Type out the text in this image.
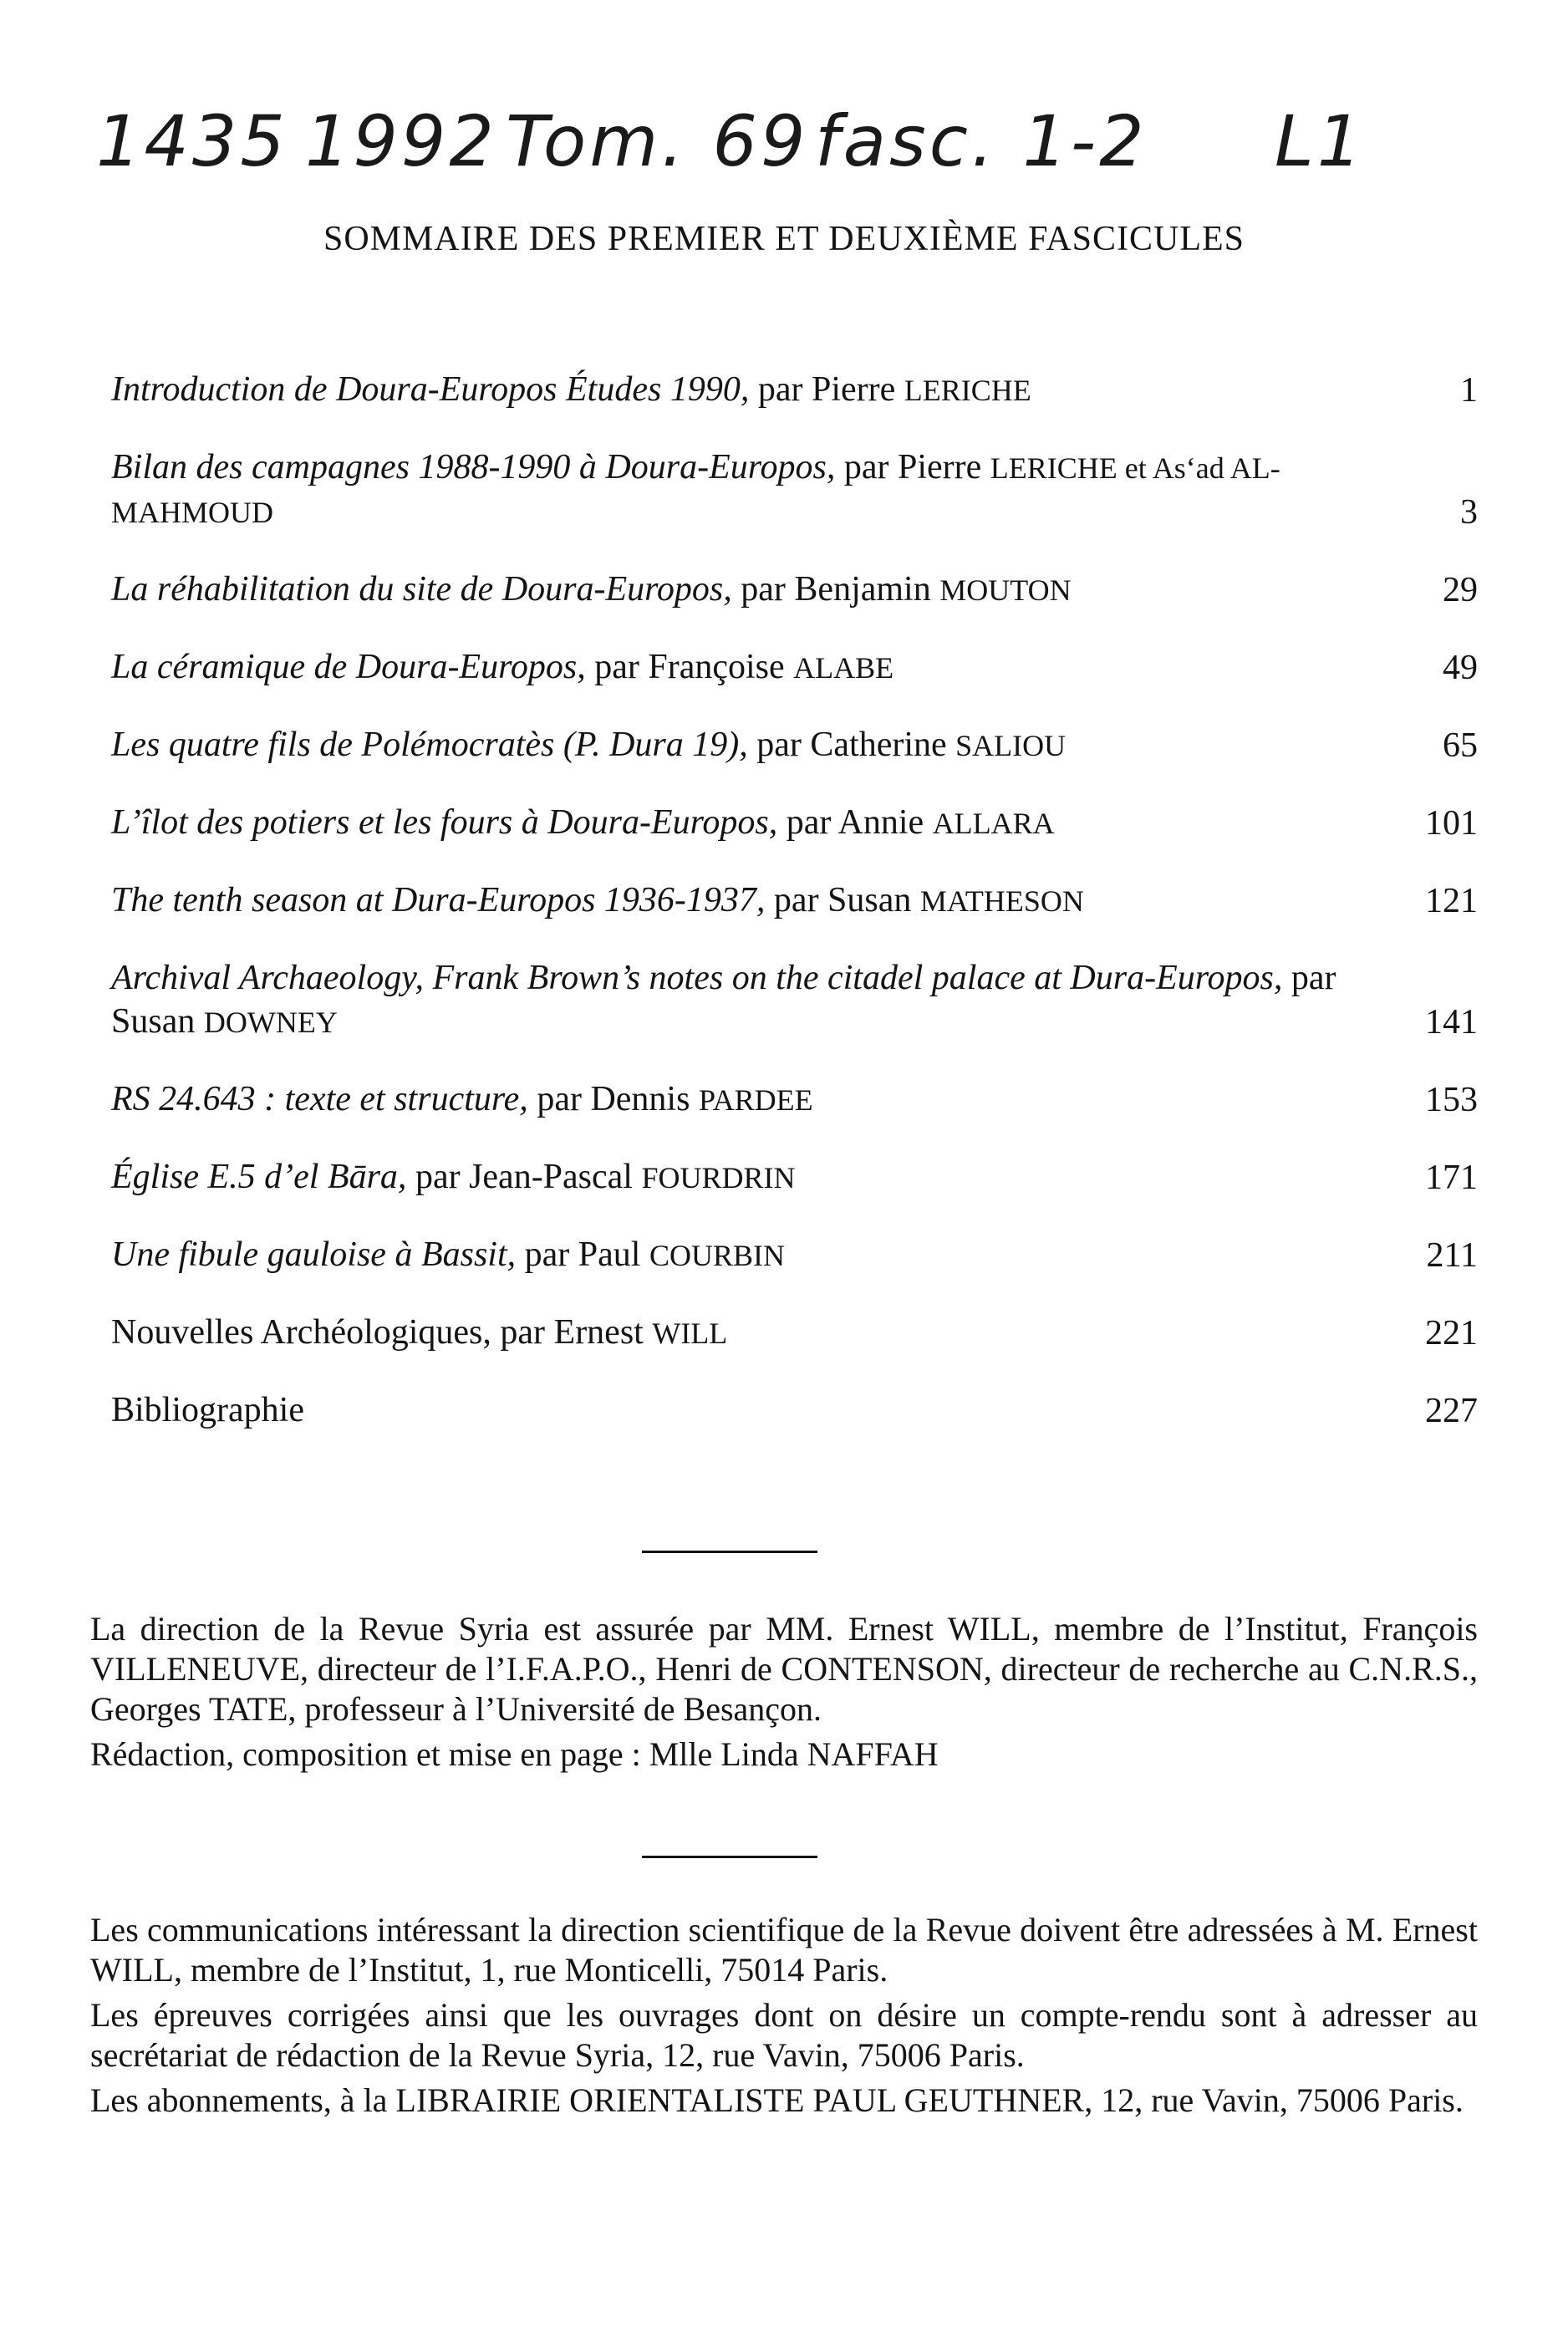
1435 1992 Tom. 69 fasc. 1-2 L1
SOMMAIRE DES PREMIER ET DEUXIÈME FASCICULES
Introduction de Doura-Europos Études 1990, par Pierre LERICHE	1
Bilan des campagnes 1988-1990 à Doura-Europos, par Pierre LERICHE et As‘ad AL-MAHMOUD	3
La réhabilitation du site de Doura-Europos, par Benjamin MOUTON	29
La céramique de Doura-Europos, par Françoise ALABE	49
Les quatre fils de Polémocratès (P. Dura 19), par Catherine SALIOU	65
L’îlot des potiers et les fours à Doura-Europos, par Annie ALLARA	101
The tenth season at Dura-Europos 1936-1937, par Susan MATHESON	121
Archival Archaeology, Frank Brown’s notes on the citadel palace at Dura-Europos, par Susan DOWNEY	141
RS 24.643 : texte et structure, par Dennis PARDEE	153
Église E.5 d’el Bāra, par Jean-Pascal FOURDRIN	171
Une fibule gauloise à Bassit, par Paul COURBIN	211
Nouvelles Archéologiques, par Ernest WILL	221
Bibliographie	227

La direction de la Revue Syria est assurée par MM. Ernest WILL, membre de l’Institut, François VILLENEUVE, directeur de l’I.F.A.P.O., Henri de CONTENSON, directeur de recherche au C.N.R.S., Georges TATE, professeur à l’Université de Besançon.

Rédaction, composition et mise en page : Mlle Linda NAFFAH

Les communications intéressant la direction scientifique de la Revue doivent être adressées à M. Ernest WILL, membre de l’Institut, 1, rue Monticelli, 75014 Paris.

Les épreuves corrigées ainsi que les ouvrages dont on désire un compte-rendu sont à adresser au secrétariat de rédaction de la Revue Syria, 12, rue Vavin, 75006 Paris.

Les abonnements, à la LIBRAIRIE ORIENTALISTE PAUL GEUTHNER, 12, rue Vavin, 75006 Paris.
